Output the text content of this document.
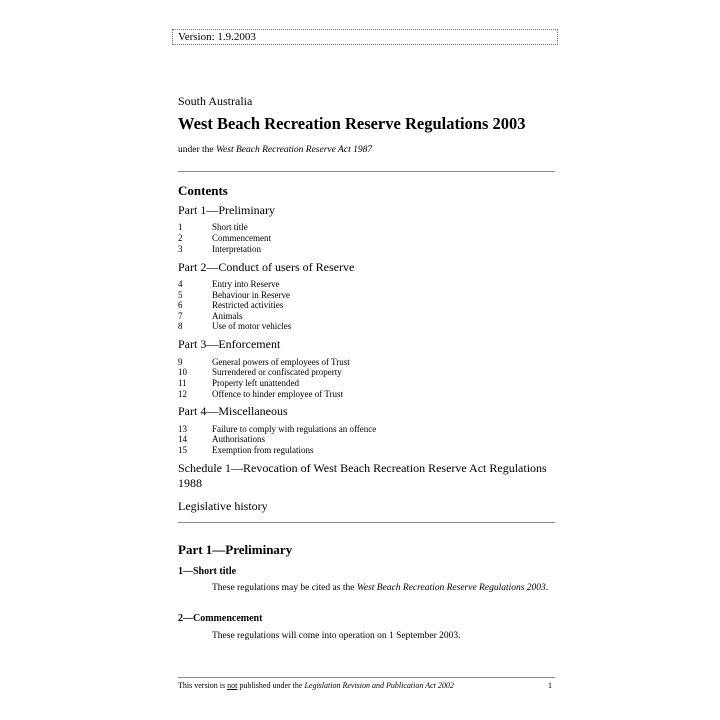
Version: 1.9.2003
South Australia
West Beach Recreation Reserve Regulations 2003
under the West Beach Recreation Reserve Act 1987
Contents
Part 1—Preliminary
1	Short title
2	Commencement
3	Interpretation
Part 2—Conduct of users of Reserve
4	Entry into Reserve
5	Behaviour in Reserve
6	Restricted activities
7	Animals
8	Use of motor vehicles
Part 3—Enforcement
9	General powers of employees of Trust
10	Surrendered or confiscated property
11	Property left unattended
12	Offence to hinder employee of Trust
Part 4—Miscellaneous
13	Failure to comply with regulations an offence
14	Authorisations
15	Exemption from regulations
Schedule 1—Revocation of West Beach Recreation Reserve Act Regulations 1988
Legislative history
Part 1—Preliminary
1—Short title
These regulations may be cited as the West Beach Recreation Reserve Regulations 2003.
2—Commencement
These regulations will come into operation on 1 September 2003.
This version is not published under the Legislation Revision and Publication Act 2002	1
